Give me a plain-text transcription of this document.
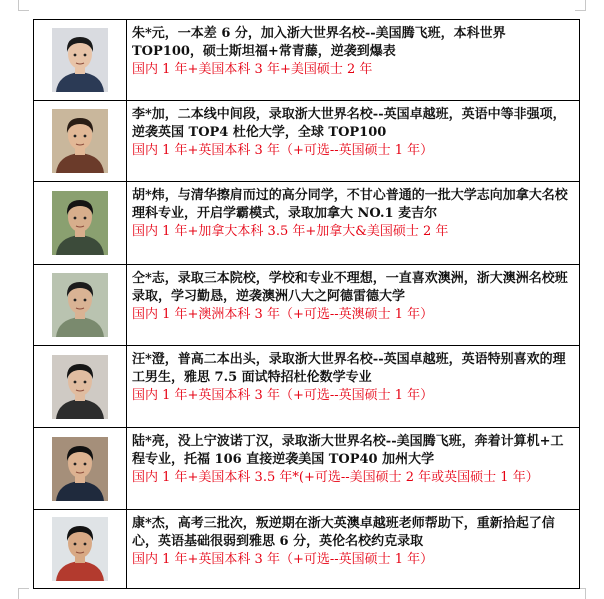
朱*元，一本差 6 分，加入浙大世界名校--美国腾飞班，本科世界 TOP100，硕士斯坦福+常青藤，逆袭到爆表

国内 1 年+美国本科 3 年+美国硕士 2 年

李*加，二本线中间段，录取浙大世界名校--英国卓越班，英语中等非强项，逆袭英国 TOP4 杜伦大学，全球 TOP100

国内 1 年+英国本科 3 年（+可选--英国硕士 1 年）

胡*炜，与清华擦肩而过的高分同学，不甘心普通的一批大学志向加拿大名校理科专业，开启学霸模式，录取加拿大 NO.1 麦吉尔

国内 1 年+加拿大本科 3.5 年+加拿大&美国硕士 2 年

仝*志，录取三本院校，学校和专业不理想，一直喜欢澳洲，浙大澳洲名校班录取，学习勤恳，逆袭澳洲八大之阿德雷德大学

国内 1 年+澳洲本科 3 年（+可选--英澳硕士 1 年）

汪*澄，普高二本出头，录取浙大世界名校--英国卓越班，英语特别喜欢的理工男生，雅思 7.5 面试特招杜伦数学专业

国内 1 年+英国本科 3 年（+可选--英国硕士 1 年）

陆*亮，没上宁波诺丁汉，录取浙大世界名校--美国腾飞班，奔着计算机+工程专业，托福 106 直接逆袭美国 TOP40 加州大学

国内 1 年+美国本科 3.5 年*(+可选--美国硕士 2 年或英国硕士 1 年）

康*杰，高考三批次，叛逆期在浙大英澳卓越班老师帮助下，重新拾起了信心，英语基础很弱到雅思 6 分，英伦名校约克录取

国内 1 年+英国本科 3 年（+可选--英国硕士 1 年）
